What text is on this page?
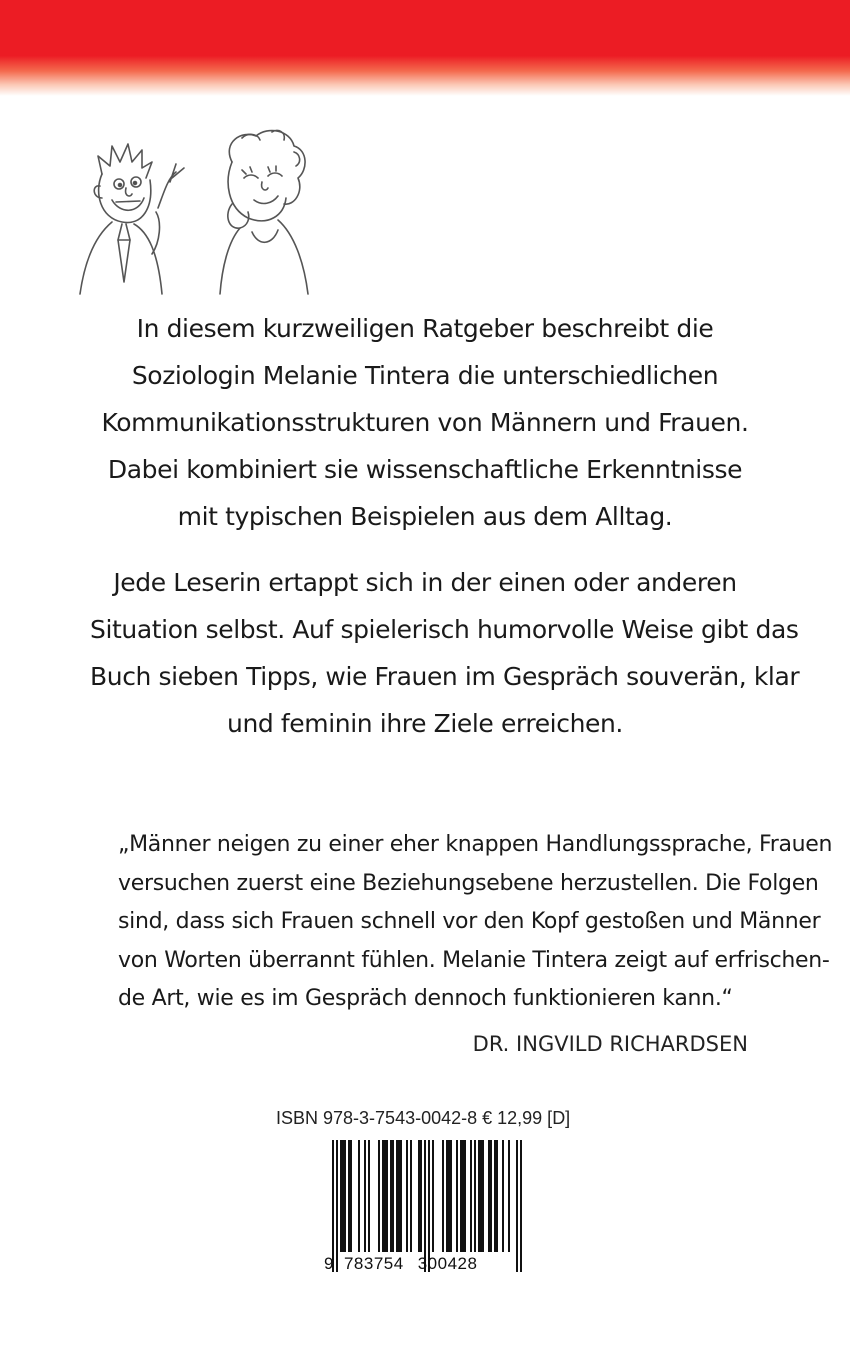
In diesem kurzweiligen Ratgeber beschreibt die
Soziologin Melanie Tintera die unterschiedlichen
Kommunikationsstrukturen von Männern und Frauen.
Dabei kombiniert sie wissenschaftliche Erkenntnisse
mit typischen Beispielen aus dem Alltag.
Jede Leserin ertappt sich in der einen oder anderen
Situation selbst. Auf spielerisch humorvolle Weise gibt das
Buch sieben Tipps, wie Frauen im Gespräch souverän, klar
und feminin ihre Ziele erreichen.
„Männer neigen zu einer eher knappen Handlungssprache, Frauen
versuchen zuerst eine Beziehungsebene herzustellen. Die Folgen
sind, dass sich Frauen schnell vor den Kopf gestoßen und Männer
von Worten überrannt fühlen. Melanie Tintera zeigt auf erfrischen-
de Art, wie es im Gespräch dennoch funktionieren kann.“
DR. INGVILD RICHARDSEN
ISBN 978-3-7543-0042-8 € 12,99 [D]
9 783754 300428
